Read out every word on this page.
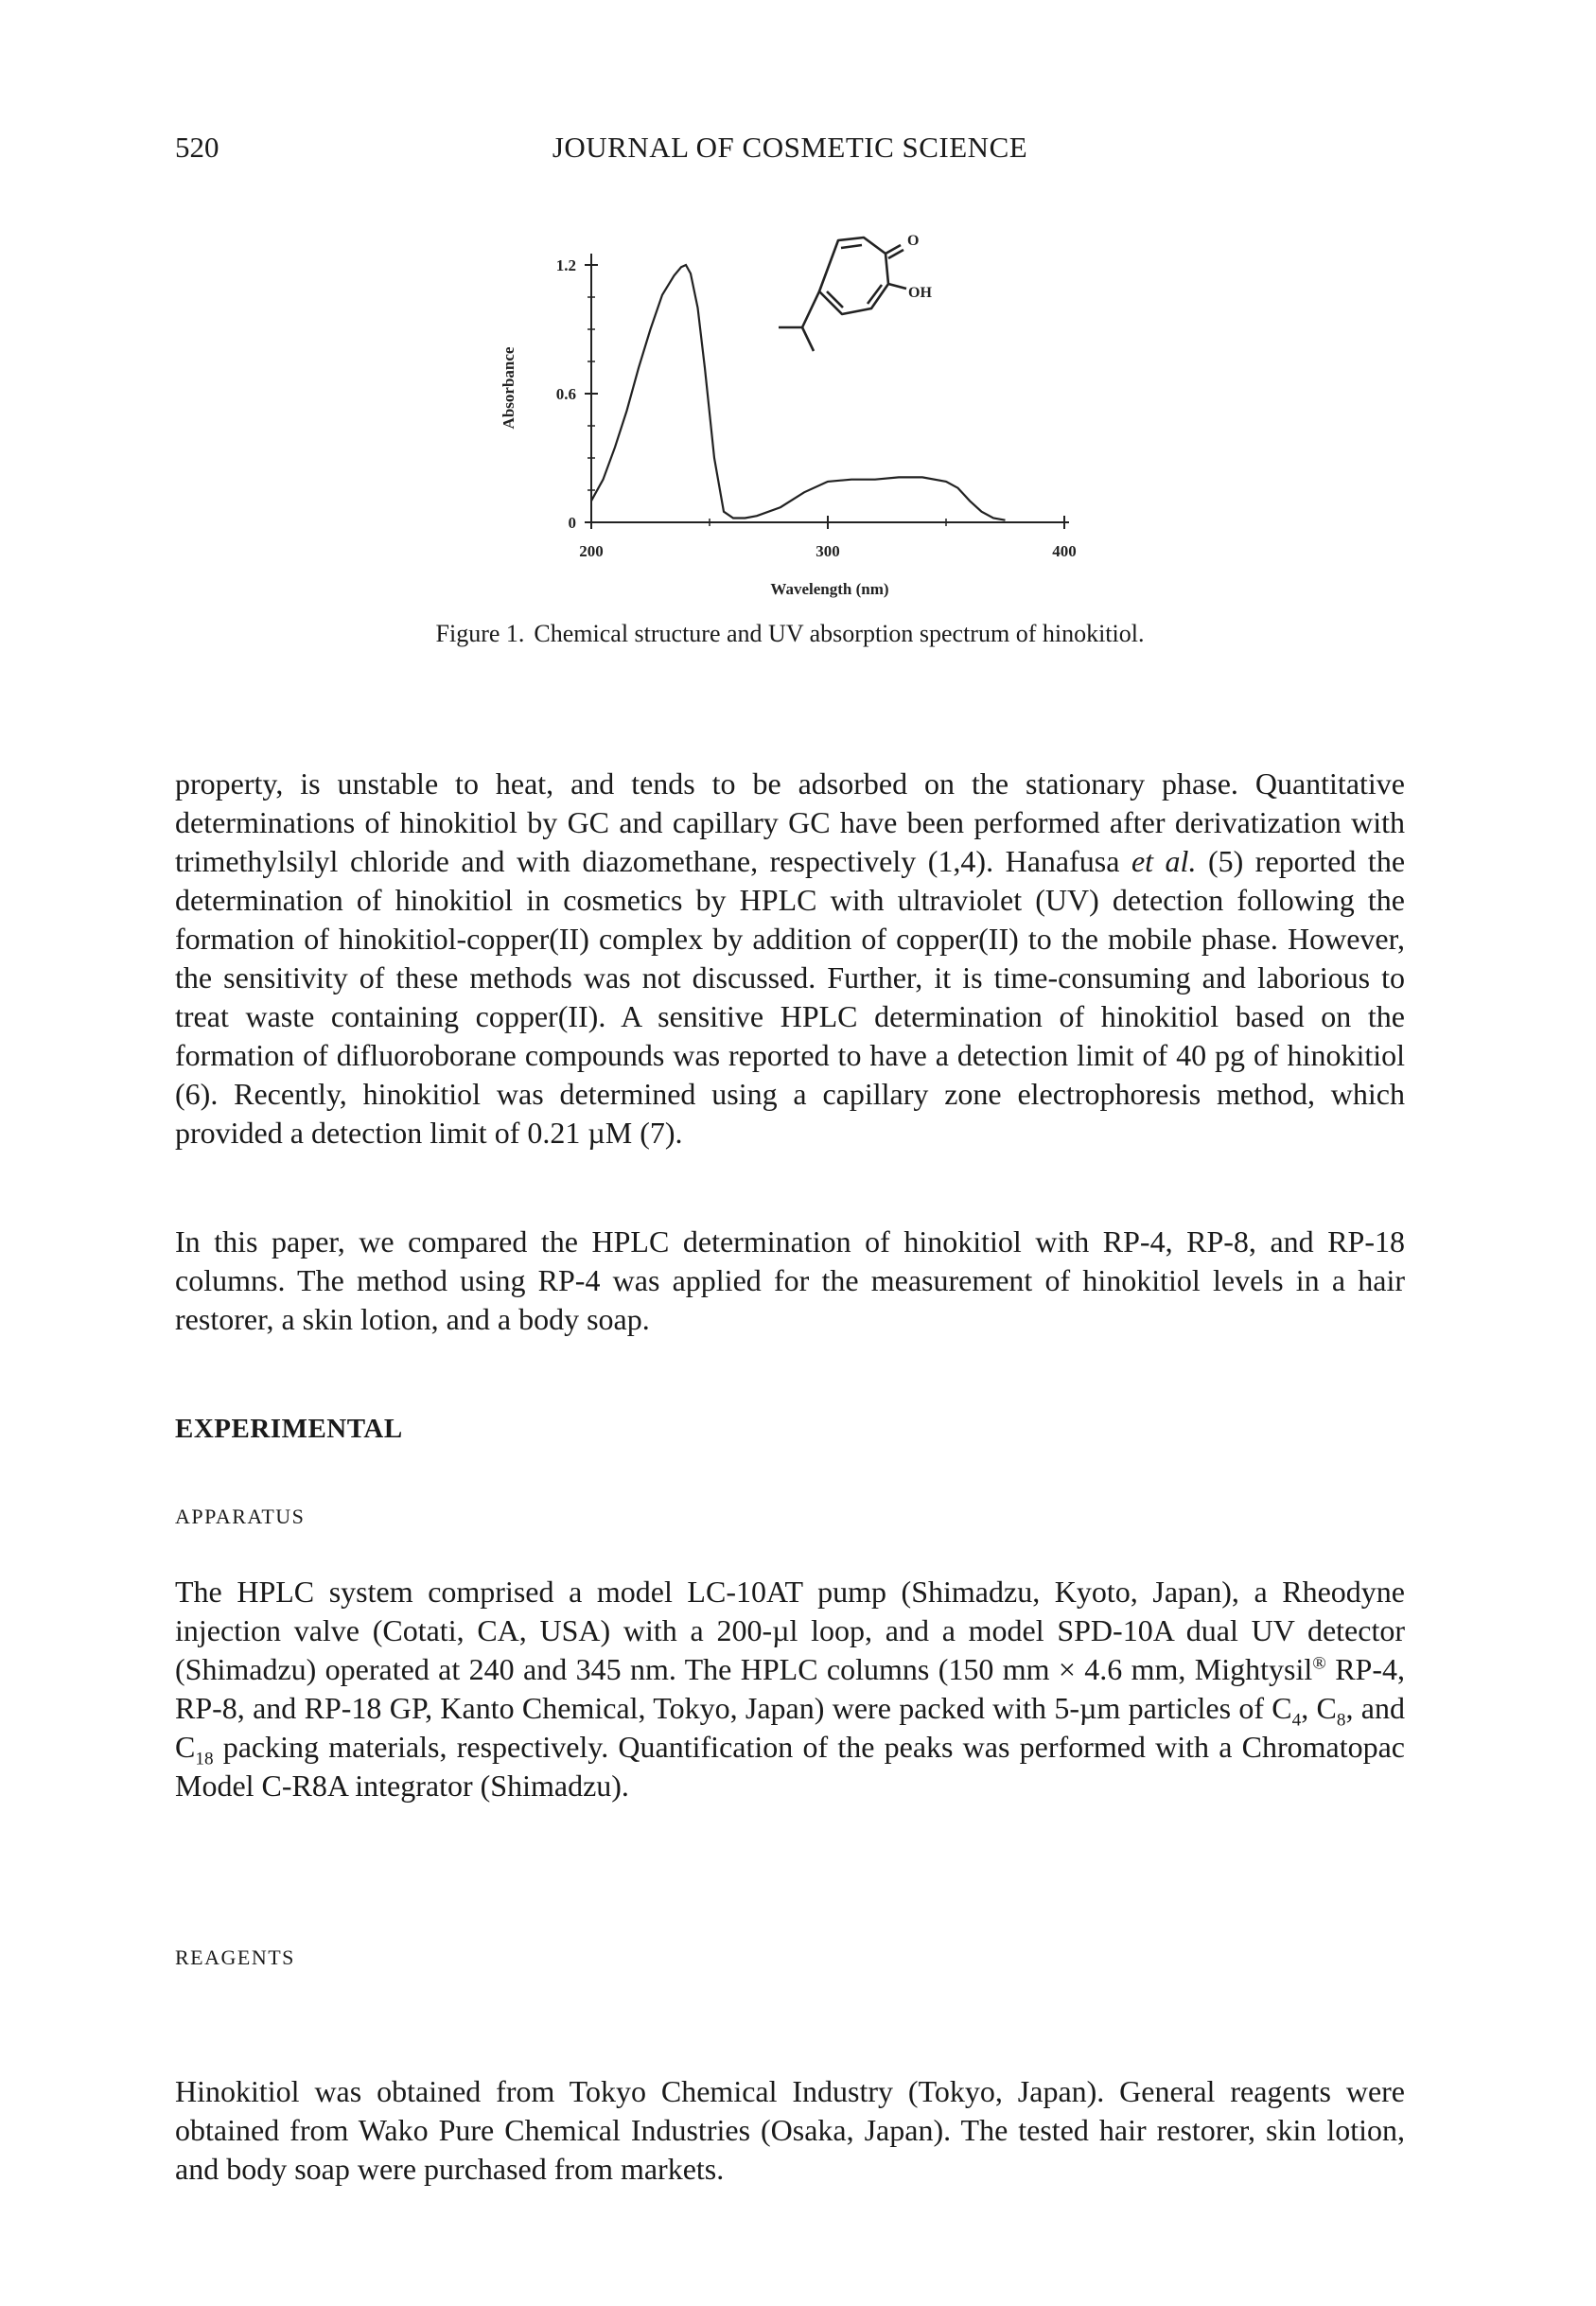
520	JOURNAL OF COSMETIC SCIENCE
O
OH
0
0.6
1.2
200	300	400
Wavelength (nm)
Absorbance
Figure 1. Chemical structure and UV absorption spectrum of hinokitiol.

property, is unstable to heat, and tends to be adsorbed on the stationary phase. Quantitative determinations of hinokitiol by GC and capillary GC have been performed after derivatization with trimethylsilyl chloride and with diazomethane, respectively (1,4). Hanafusa et al. (5) reported the determination of hinokitiol in cosmetics by HPLC with ultraviolet (UV) detection following the formation of hinokitiol-copper(II) complex by addition of copper(II) to the mobile phase. However, the sensitivity of these methods was not discussed. Further, it is time-consuming and laborious to treat waste containing copper(II). A sensitive HPLC determination of hinokitiol based on the formation of difluoroborane compounds was reported to have a detection limit of 40 pg of hinokitiol (6). Recently, hinokitiol was determined using a capillary zone electrophoresis method, which provided a detection limit of 0.21 µM (7).

In this paper, we compared the HPLC determination of hinokitiol with RP-4, RP-8, and RP-18 columns. The method using RP-4 was applied for the measurement of hinokitiol levels in a hair restorer, a skin lotion, and a body soap.

EXPERIMENTAL
APPARATUS

The HPLC system comprised a model LC-10AT pump (Shimadzu, Kyoto, Japan), a Rheodyne injection valve (Cotati, CA, USA) with a 200-µl loop, and a model SPD-10A dual UV detector (Shimadzu) operated at 240 and 345 nm. The HPLC columns (150 mm × 4.6 mm, Mightysil® RP-4, RP-8, and RP-18 GP, Kanto Chemical, Tokyo, Japan) were packed with 5-µm particles of $C_4$, $C_8$, and $C_{18}$ packing materials, respectively. Quantification of the peaks was performed with a Chromatopac Model C-R8A integrator (Shimadzu).

REAGENTS

Hinokitiol was obtained from Tokyo Chemical Industry (Tokyo, Japan). General reagents were obtained from Wako Pure Chemical Industries (Osaka, Japan). The tested hair restorer, skin lotion, and body soap were purchased from markets.
